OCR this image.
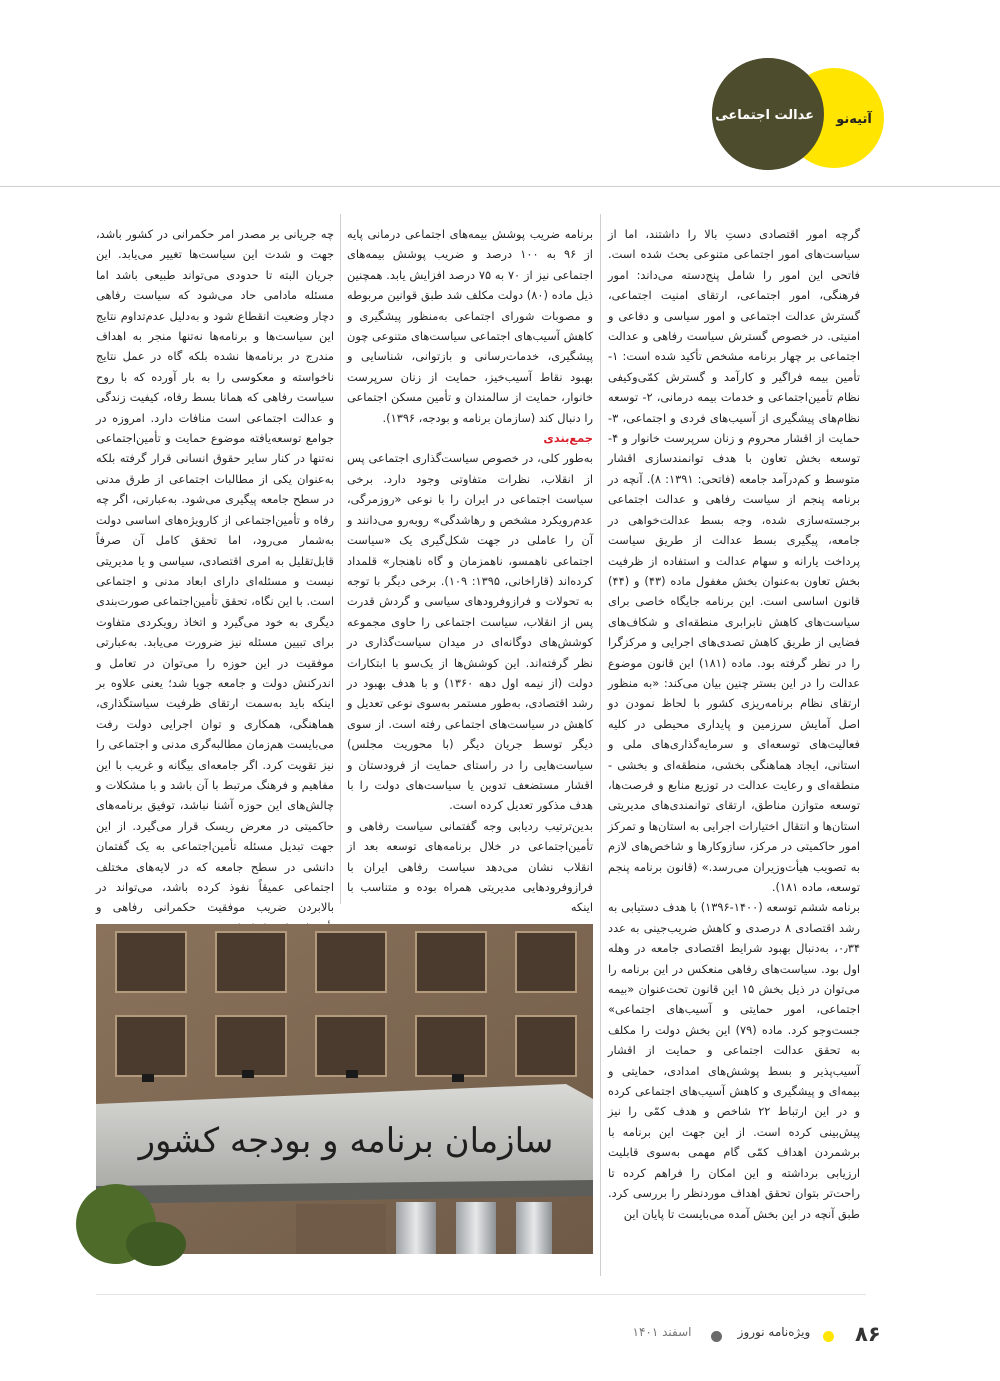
عدالت اجتماعی	آتیه‌نو

گرچه امور اقتصادی دستِ بالا را داشتند، اما از سیاست‌های امور اجتماعی متنوعی بحث شده است. فاتحی این امور را شامل پنج‌دسته می‌داند: امور فرهنگی، امور اجتماعی، ارتقای امنیت اجتماعی، گسترش عدالت اجتماعی و امور سیاسی و دفاعی و امنیتی. در خصوص گسترش سیاست رفاهی و عدالت اجتماعی بر چهار برنامه مشخص تأکید شده است: ۱- تأمین بیمه فراگیر و کارآمد و گسترش کمّی‌وکیفی نظام تأمین‌اجتماعی و خدمات بیمه درمانی، ۲- توسعه نظام‌های پیشگیری از آسیب‌های فردی و اجتماعی، ۳- حمایت از اقشار محروم و زنان سرپرست خانوار و ۴- توسعه بخش تعاون با هدف توانمندسازی اقشار متوسط و کم‌درآمد جامعه (فاتحی: ۱۳۹۱: ۸). آنچه در برنامه پنجم از سیاست رفاهی و عدالت اجتماعی برجسته‌سازی شده، وجه بسط عدالت‌خواهی در جامعه، پیگیری بسط عدالت از طریق سیاست پرداخت یارانه و سهام عدالت و استفاده از ظرفیت بخش تعاون به‌عنوان بخش مغفول ماده (۴۳) و (۴۴) قانون اساسی است. این برنامه جایگاه خاصی برای سیاست‌های کاهش نابرابری منطقه‌ای و شکاف‌های فضایی از طریق کاهش تصدی‌های اجرایی و مرکزگرا را در نظر گرفته بود. ماده (۱۸۱) این قانون موضوع عدالت را در این بستر چنین بیان می‌کند: «به منظور ارتقای نظام برنامه‌ریزی کشور با لحاظ نمودن دو اصل آمایش سرزمین و پایداری محیطی در کلیه فعالیت‌های توسعه‌ای و سرمایه‌گذاری‌های ملی و استانی، ایجاد هماهنگی بخشی، منطقه‌ای و بخشی - منطقه‌ای و رعایت عدالت در توزیع منابع و فرصت‌ها، توسعه متوازن مناطق، ارتقای توانمندی‌های مدیریتی استان‌ها و انتقال اختیارات اجرایی به استان‌ها و تمرکز امور حاکمیتی در مرکز، سازوکارها و شاخص‌های لازم به تصویب هیأت‌وزیران می‌رسد.» (قانون برنامه پنجم توسعه، ماده ۱۸۱).

برنامه ششم توسعه (۱۴۰۰-۱۳۹۶) با هدف دستیابی به رشد اقتصادی ۸ درصدی و کاهش ضریب‌جینی به عدد ۰٫۳۴، به‌دنبال بهبود شرایط اقتصادی جامعه در وهله اول بود. سیاست‌های رفاهی منعکس در این برنامه را می‌توان در ذیل بخش ۱۵ این قانون تحت‌عنوان «بیمه اجتماعی، امور حمایتی و آسیب‌های اجتماعی» جست‌وجو کرد. ماده (۷۹) این بخش دولت را مکلف به تحقق عدالت اجتماعی و حمایت از اقشار آسیب‌پذیر و بسط پوشش‌های امدادی، حمایتی و بیمه‌ای و پیشگیری و کاهش آسیب‌های اجتماعی کرده و در این ارتباط ۲۲ شاخص و هدف کمّی را نیز پیش‌بینی کرده است. از این جهت این برنامه با برشمردن اهداف کمّی گام مهمی به‌سوی قابلیت ارزیابی برداشته و این امکان را فراهم کرده تا راحت‌تر بتوان تحقق اهداف موردنظر را بررسی کرد. طبق آنچه در این بخش آمده می‌بایست تا پایان این

برنامه ضریب پوشش بیمه‌های اجتماعی درمانی پایه از ۹۶ به ۱۰۰ درصد و ضریب پوشش بیمه‌های اجتماعی نیز از ۷۰ به ۷۵ درصد افزایش یابد. همچنین ذیل ماده (۸۰) دولت مکلف شد طبق قوانین مربوطه و مصوبات شورای اجتماعی به‌منظور پیشگیری و کاهش آسیب‌های اجتماعی سیاست‌های متنوعی چون پیشگیری، خدمات‌رسانی و بازتوانی، شناسایی و بهبود نقاط آسیب‌خیز، حمایت از زنان سرپرست خانوار، حمایت از سالمندان و تأمین مسکن اجتماعی را دنبال کند (سازمان برنامه و بودجه، ۱۳۹۶).

جمع‌بندی

به‌طور کلی، در خصوص سیاست‌گذاری اجتماعی پس از انقلاب، نظرات متفاوتی وجود دارد. برخی سیاست اجتماعی در ایران را با نوعی «روزمرگی، عدم‌رویکرد مشخص و رهاشدگی» روبه‌رو می‌دانند و آن را عاملی در جهت شکل‌گیری یک «سیاست اجتماعی ناهمسو، ناهمزمان و گاه ناهنجار» قلمداد کرده‌اند (قاراخانی، ۱۳۹۵: ۱۰۹). برخی دیگر با توجه به تحولات و فرازوفرودهای سیاسی و گردش قدرت پس از انقلاب، سیاست اجتماعی را حاوی مجموعه کوشش‌های دوگانه‌ای در میدان سیاست‌گذاری در نظر گرفته‌اند. این کوشش‌ها از یک‌سو با ابتکارات دولت (از نیمه اول دهه ۱۳۶۰) و با هدف بهبود در رشد اقتصادی، به‌طور مستمر به‌سوی نوعی تعدیل و کاهش در سیاست‌های اجتماعی رفته است. از سوی دیگر توسط جریان دیگر (با محوریت مجلس) سیاست‌هایی را در راستای حمایت از فرودستان و اقشار مستضعف تدوین یا سیاست‌های دولت را با هدف مذکور تعدیل کرده است.

بدین‌ترتیب ردیابی وجه گفتمانی سیاست رفاهی و تأمین‌اجتماعی در خلال برنامه‌های توسعه بعد از انقلاب نشان می‌دهد سیاست رفاهی ایران با فرازوفرودهایی مدیریتی همراه بوده و متناسب با اینکه

چه جریانی بر مصدر امر حکمرانی در کشور باشد، جهت و شدت این سیاست‌ها تغییر می‌یابد. این جریان البته تا حدودی می‌تواند طبیعی باشد اما مسئله مادامی حاد می‌شود که سیاست رفاهی دچار وضعیت انقطاع شود و به‌دلیل عدم‌تداوم نتایج این سیاست‌ها و برنامه‌ها نه‌تنها منجر به اهداف مندرج در برنامه‌ها نشده بلکه گاه در عمل نتایج ناخواسته و معکوسی را به بار آورده که با روح سیاست رفاهی که همانا بسط رفاه، کیفیت زندگی و عدالت اجتماعی است منافات دارد. امروزه در جوامع توسعه‌یافته موضوع حمایت و تأمین‌اجتماعی نه‌تنها در کنار سایر حقوق انسانی قرار گرفته بلکه به‌عنوان یکی از مطالبات اجتماعی از طرق مدنی در سطح جامعه پیگیری می‌شود. به‌عبارتی، اگر چه رفاه و تأمین‌اجتماعی از کارویژه‌های اساسی دولت به‌شمار می‌رود، اما تحقق کامل آن صرفاً قابل‌تقلیل به امری اقتصادی، سیاسی و یا مدیریتی نیست و مسئله‌ای دارای ابعاد مدنی و اجتماعی است. با این نگاه، تحقق تأمین‌اجتماعی صورت‌بندی دیگری به خود می‌گیرد و اتخاذ رویکردی متفاوت برای تبیین مسئله نیز ضرورت می‌یابد. به‌عبارتی موفقیت در این حوزه را می‌توان در تعامل و اندرکنش دولت و جامعه جویا شد؛ یعنی علاوه بر اینکه باید به‌سمت ارتقای ظرفیت سیاستگذاری، هماهنگی، همکاری و توان اجرایی دولت رفت می‌بایست هم‌زمان مطالبه‌گری مدنی و اجتماعی را نیز تقویت کرد. اگر جامعه‌ای بیگانه و غریب با این مفاهیم و فرهنگ مرتبط با آن باشد و با مشکلات و چالش‌های این حوزه آشنا نباشد، توفیق برنامه‌های حاکمیتی در معرض ریسک قرار می‌گیرد. از این جهت تبدیل مسئله تأمین‌اجتماعی به یک گفتمان دانشی در سطح جامعه که در لایه‌های مختلف اجتماعی عمیقاً نفوذ کرده باشد، می‌تواند در بالابردن ضریب موفقیت حکمرانی رفاهی و

سازمان برنامه و بودجه کشور
۸۶
ویژه‌نامه نوروز
اسفند ۱۴۰۱
